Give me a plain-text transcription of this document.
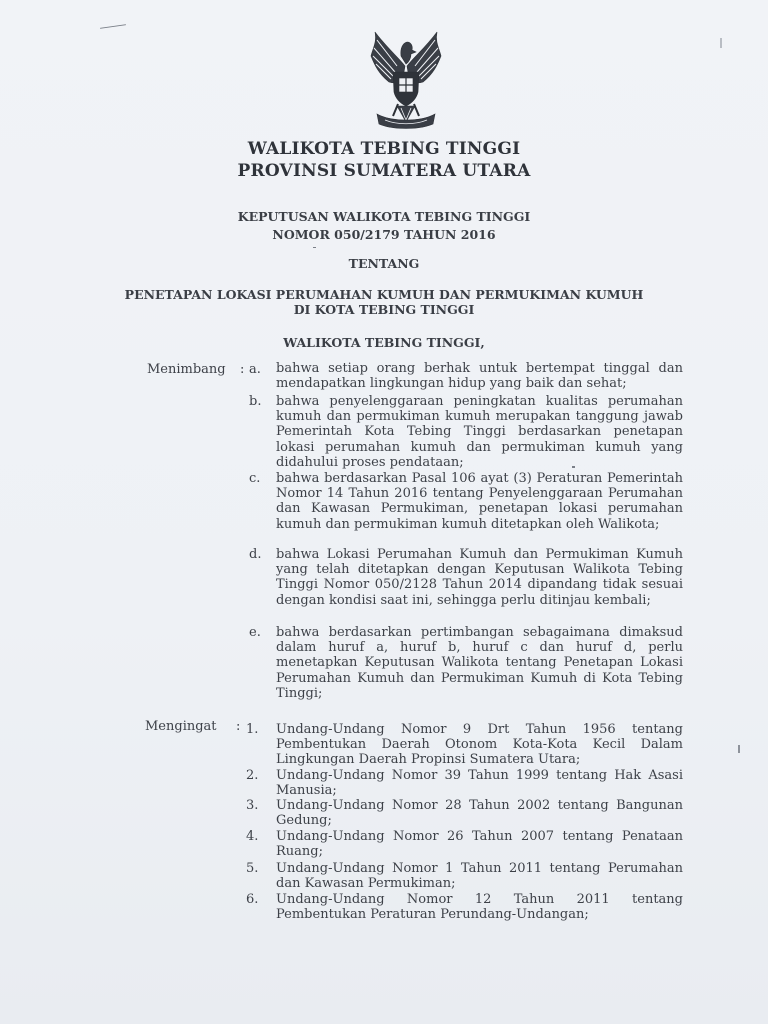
WALIKOTA TEBING TINGGI
PROVINSI SUMATERA UTARA
KEPUTUSAN WALIKOTA TEBING TINGGI
NOMOR 050/2179 TAHUN 2016
TENTANG
PENETAPAN LOKASI PERUMAHAN KUMUH DAN PERMUKIMAN KUMUH
DI KOTA TEBING TINGGI
WALIKOTA TEBING TINGGI,
Menimbang : a. bahwa setiap orang berhak untuk bertempat tinggal dan mendapatkan lingkungan hidup yang baik dan sehat;
b. bahwa penyelenggaraan peningkatan kualitas perumahan kumuh dan permukiman kumuh merupakan tanggung jawab Pemerintah Kota Tebing Tinggi berdasarkan penetapan lokasi perumahan kumuh dan permukiman kumuh yang didahului proses pendataan;
c. bahwa berdasarkan Pasal 106 ayat (3) Peraturan Pemerintah Nomor 14 Tahun 2016 tentang Penyelenggaraan Perumahan dan Kawasan Permukiman, penetapan lokasi perumahan kumuh dan permukiman kumuh ditetapkan oleh Walikota;
d. bahwa Lokasi Perumahan Kumuh dan Permukiman Kumuh yang telah ditetapkan dengan Keputusan Walikota Tebing Tinggi Nomor 050/2128 Tahun 2014 dipandang tidak sesuai dengan kondisi saat ini, sehingga perlu ditinjau kembali;
e. bahwa berdasarkan pertimbangan sebagaimana dimaksud dalam huruf a, huruf b, huruf c dan huruf d, perlu menetapkan Keputusan Walikota tentang Penetapan Lokasi Perumahan Kumuh dan Permukiman Kumuh di Kota Tebing Tinggi;
Mengingat : 1. Undang-Undang Nomor 9 Drt Tahun 1956 tentang Pembentukan Daerah Otonom Kota-Kota Kecil Dalam Lingkungan Daerah Propinsi Sumatera Utara;
2. Undang-Undang Nomor 39 Tahun 1999 tentang Hak Asasi Manusia;
3. Undang-Undang Nomor 28 Tahun 2002 tentang Bangunan Gedung;
4. Undang-Undang Nomor 26 Tahun 2007 tentang Penataan Ruang;
5. Undang-Undang Nomor 1 Tahun 2011 tentang Perumahan dan Kawasan Permukiman;
6. Undang-Undang Nomor 12 Tahun 2011 tentang Pembentukan Peraturan Perundang-Undangan;
